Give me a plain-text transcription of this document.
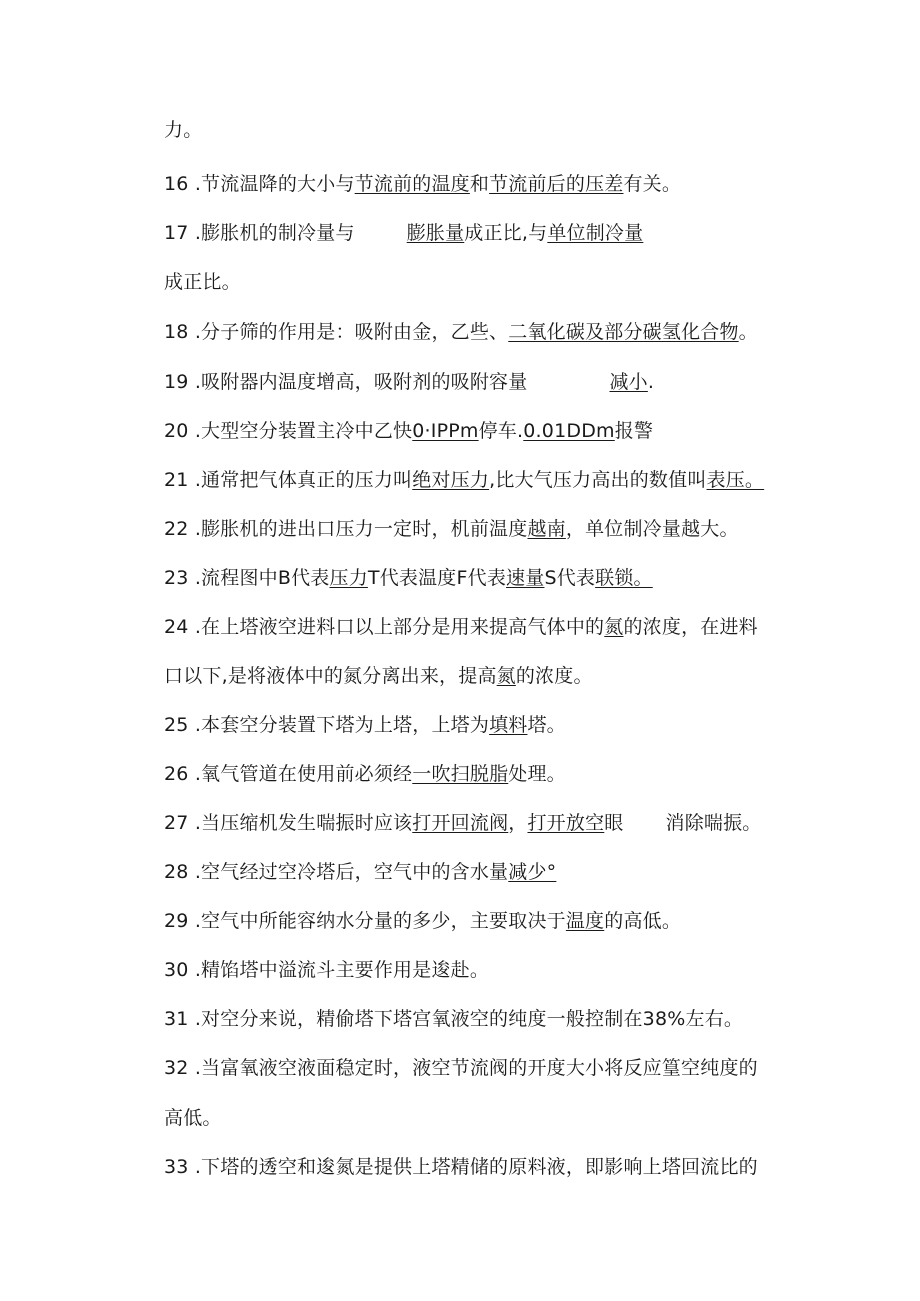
力。
16 .节流温降的大小与节流前的温度和节流前后的压差有关。
17 .膨胀机的制冷量与	膨胀量成正比,与单位制冷量
成正比。
18 .分子筛的作用是：吸附由金，乙些、二氧化碳及部分碳氢化合物。
19 .吸附器内温度增高，吸附剂的吸附容量	减小.
20 .大型空分装置主冷中乙快0·IPPm停车.0.01DDm报警
21 .通常把气体真正的压力叫绝对压力,比大气压力高出的数值叫表压。
22 .膨胀机的进出口压力一定时，机前温度越南，单位制冷量越大。
23 .流程图中B代表压力T代表温度F代表速量S代表联锁。
24 .在上塔液空进料口以上部分是用来提高气体中的氮的浓度，在进料
口以下,是将液体中的氮分离出来，提高氮的浓度。
25 .本套空分装置下塔为上塔，上塔为填料塔。
26 .氧气管道在使用前必须经一吹扫脱脂处理。
27 .当压缩机发生喘振时应该打开回流阀，打开放空眼 消除喘振。
28 .空气经过空冷塔后，空气中的含水量减少°
29 .空气中所能容纳水分量的多少，主要取决于温度的高低。
30 .精馅塔中溢流斗主要作用是逡赴。
31 .对空分来说，精偷塔下塔宫氧液空的纯度一般控制在38%左右。
32 .当富氧液空液面稳定时，液空节流阀的开度大小将反应篁空纯度的
高低。
33 .下塔的透空和逡氮是提供上塔精储的原料液，即影响上塔回流比的
